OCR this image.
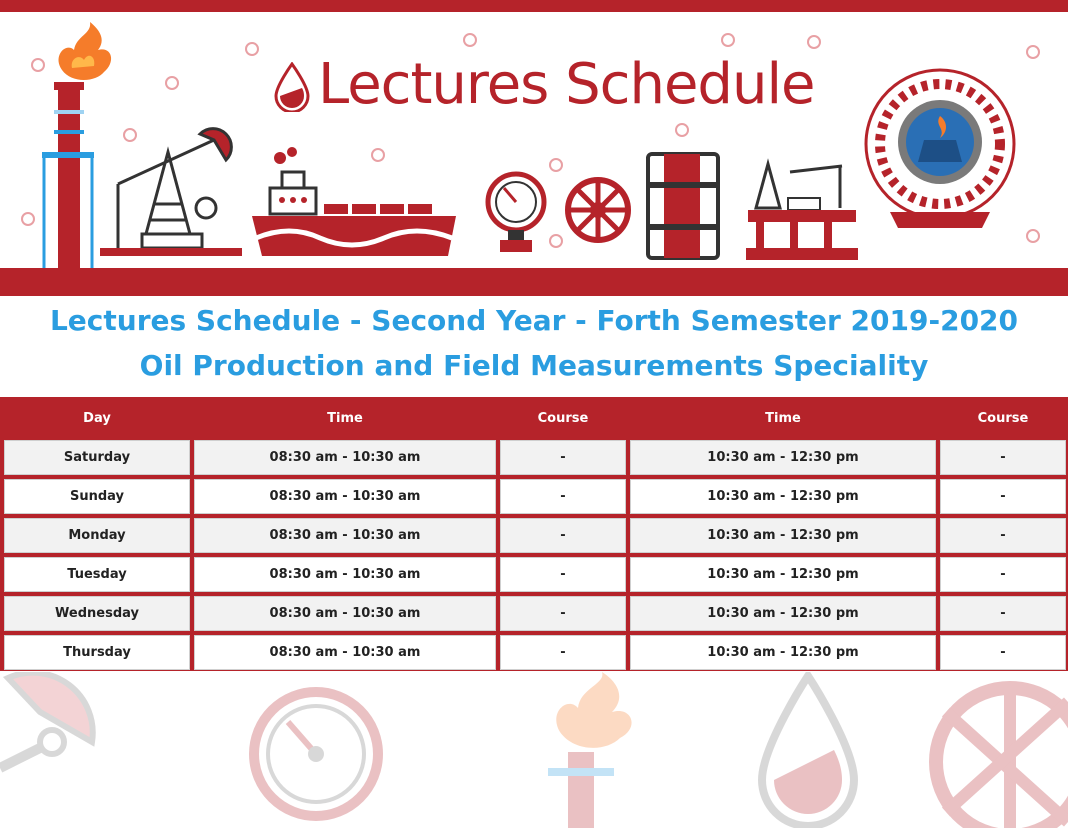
Lectures Schedule
Lectures Schedule - Second Year - Forth Semester 2019-2020
Oil Production and Field Measurements Speciality
Day	Time	Course	Time	Course
Saturday	08:30 am - 10:30 am	-	10:30 am - 12:30 pm	-
Sunday	08:30 am - 10:30 am	-	10:30 am - 12:30 pm	-
Monday	08:30 am - 10:30 am	-	10:30 am - 12:30 pm	-
Tuesday	08:30 am - 10:30 am	-	10:30 am - 12:30 pm	-
Wednesday	08:30 am - 10:30 am	-	10:30 am - 12:30 pm	-
Thursday	08:30 am - 10:30 am	-	10:30 am - 12:30 pm	-
